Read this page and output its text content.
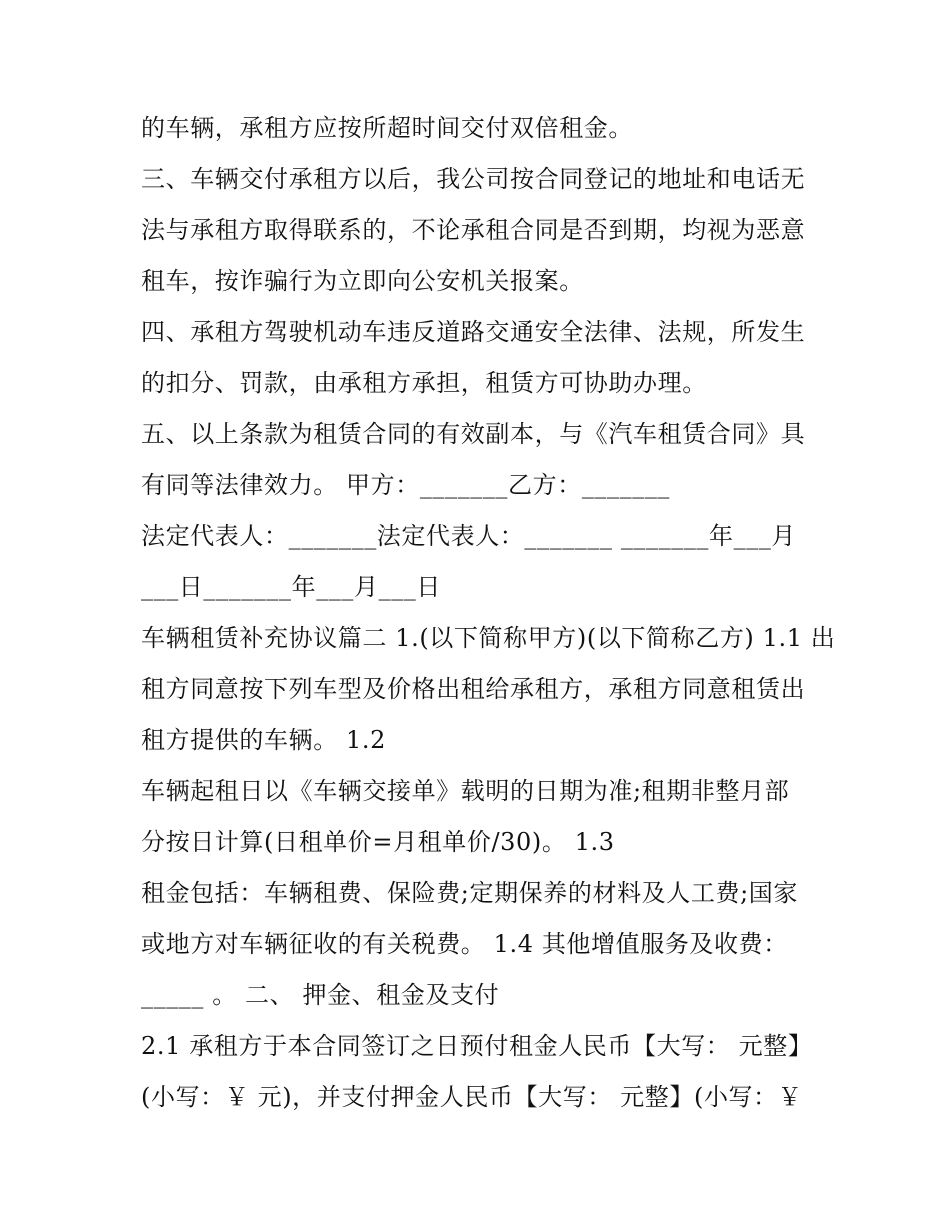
的车辆，承租方应按所超时间交付双倍租金。
三、车辆交付承租方以后，我公司按合同登记的地址和电话无
法与承租方取得联系的，不论承租合同是否到期，均视为恶意
租车，按诈骗行为立即向公安机关报案。
四、承租方驾驶机动车违反道路交通安全法律、法规，所发生
的扣分、罚款，由承租方承担，租赁方可协助办理。
五、以上条款为租赁合同的有效副本，与《汽车租赁合同》具
有同等法律效力。 甲方：_______乙方：_______
法定代表人：_______法定代表人：_______ _______年___月
___日_______年___月___日
车辆租赁补充协议篇二 1.(以下简称甲方)(以下简称乙方) 1.1 出
租方同意按下列车型及价格出租给承租方，承租方同意租赁出
租方提供的车辆。 1.2
车辆起租日以《车辆交接单》载明的日期为准;租期非整月部
分按日计算(日租单价=月租单价/30)。 1.3
租金包括：车辆租费、保险费;定期保养的材料及人工费;国家
或地方对车辆征收的有关税费。 1.4 其他增值服务及收费：
_____ 。 二、 押金、租金及支付
2.1 承租方于本合同签订之日预付租金人民币【大写： 元整】
(小写：￥ 元)，并支付押金人民币【大写： 元整】(小写：￥
